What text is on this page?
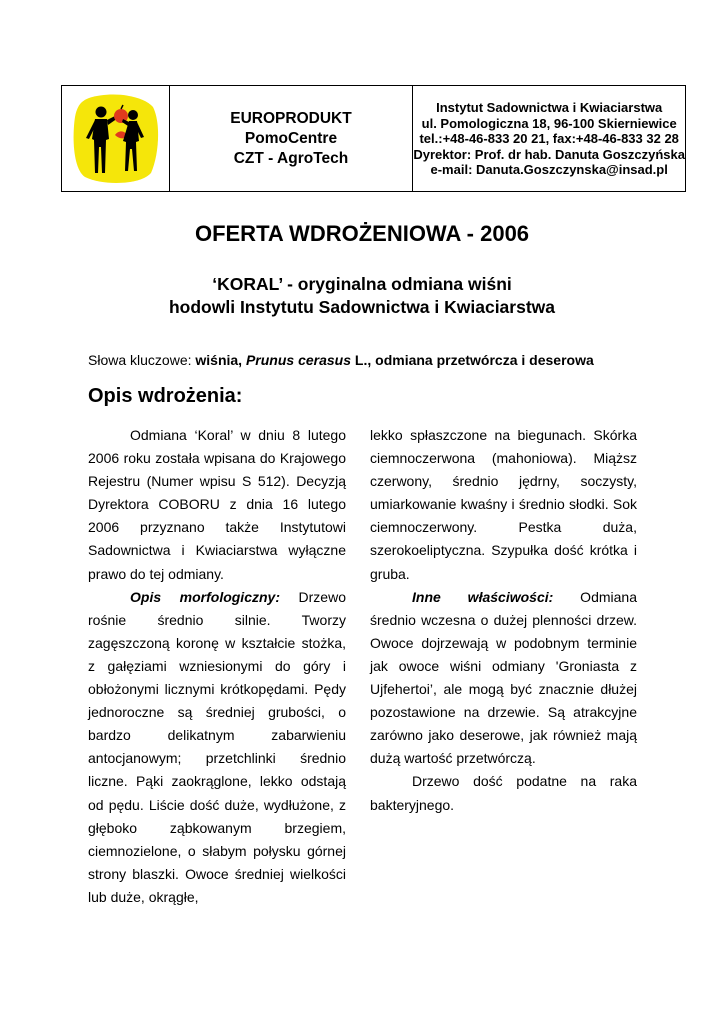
EUROPRODUKT
PomoCentre
CZT - AgroTech
Instytut Sadownictwa i Kwiaciarstwa
ul. Pomologiczna 18, 96-100 Skierniewice
tel.:+48-46-833 20 21, fax:+48-46-833 32 28
Dyrektor: Prof. dr hab. Danuta Goszczyńska
e-mail: Danuta.Goszczynska@insad.pl
OFERTA WDROŻENIOWA - 2006
‘KORAL’ - oryginalna odmiana wiśni
hodowli Instytutu Sadownictwa i Kwiaciarstwa
Słowa kluczowe: wiśnia, Prunus cerasus L., odmiana przetwórcza i deserowa
Opis wdrożenia:

Odmiana ‘Koral’ w dniu 8 lutego 2006 roku została wpisana do Krajowego Rejestru (Numer wpisu S 512). Decyzją Dyrektora COBORU z dnia 16 lutego 2006 przyznano także Instytutowi Sadownictwa i Kwiaciarstwa wyłączne prawo do tej odmiany.

Opis morfologiczny: Drzewo rośnie średnio silnie. Tworzy zagęszczoną koronę w kształcie stożka, z gałęziami wzniesionymi do góry i obłożonymi licznymi krótkopędami. Pędy jednoroczne są średniej grubości, o bardzo delikatnym zabarwieniu antocjanowym; przetchlinki średnio liczne. Pąki zaokrąglone, lekko odstają od pędu. Liście dość duże, wydłużone, z głęboko ząbkowanym brzegiem, ciemnozielone, o słabym połysku górnej strony blaszki. Owoce średniej wielkości lub duże, okrągłe,

lekko spłaszczone na biegunach. Skórka ciemnoczerwona (mahoniowa). Miąższ czerwony, średnio jędrny, soczysty, umiarkowanie kwaśny i średnio słodki. Sok ciemnoczerwony. Pestka duża, szerokoeliptyczna. Szypułka dość krótka i gruba.

Inne właściwości: Odmiana średnio wczesna o dużej plenności drzew. Owoce dojrzewają w podobnym terminie jak owoce wiśni odmiany 'Groniasta z Ujfehertoi’, ale mogą być znacznie dłużej pozostawione na drzewie. Są atrakcyjne zarówno jako deserowe, jak również mają dużą wartość przetwórczą.

Drzewo dość podatne na raka bakteryjnego.
